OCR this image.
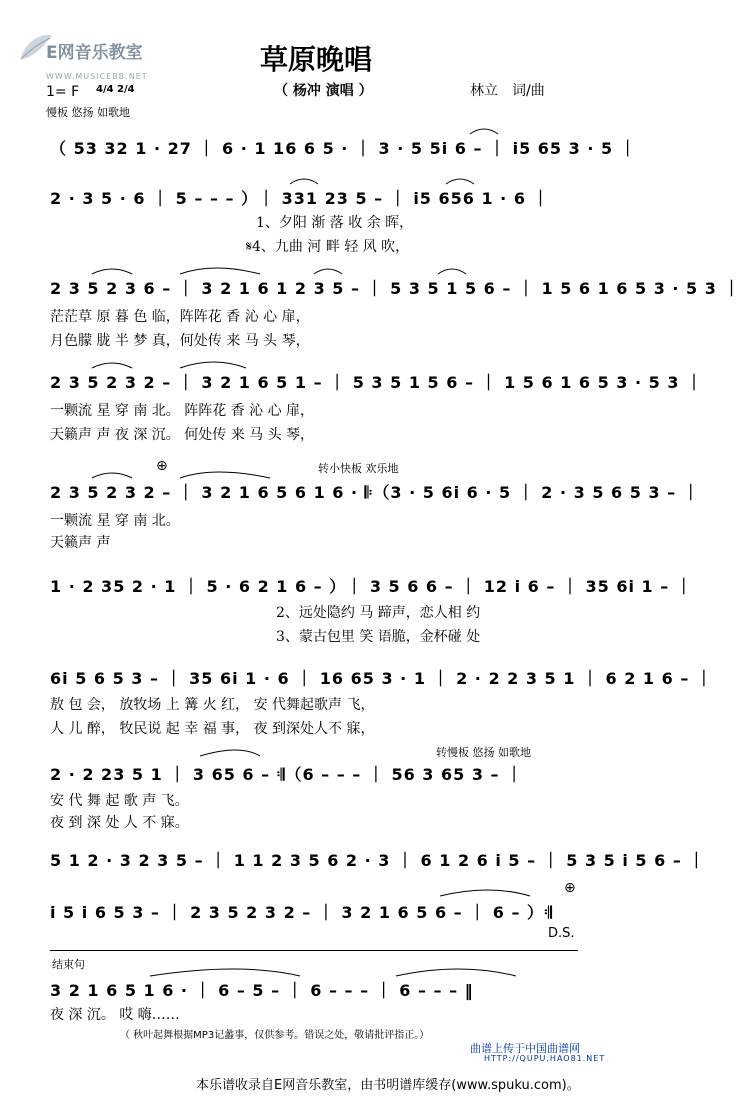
E网音乐教室
WWW.MUSICEBB.NET
草原晚唱
（ 杨冲 演唱 ）	林立　词/曲
1= F 4/4 2/4
慢板 悠扬 如歌地
（ 53 32 1 · 27 ｜ 6 · 1 16 6 5 · ｜ 3 · 5 5i 6 – ｜ i5 65 3 · 5 ｜
2 · 3 5 · 6 ｜ 5 – – – ）｜ 331 23 5 – ｜ i5 656 1 · 6 ｜
1、夕阳 渐 落 收 余 晖，
𝄋4、九曲 河 畔 轻 风 吹，
2 3 5 2 3 6 – ｜ 3 2 1 6 1 2 3 5 – ｜ 5 3 5 1 5 6 – ｜ 1 5 6 1 6 5 3 · 5 3 ｜
茫茫草 原 暮 色 临，阵阵花 香 沁 心 扉，
月色朦 胧 半 梦 真，何处传 来 马 头 琴，
2 3 5 2 3 2 – ｜ 3 2 1 6 5 1 – ｜ 5 3 5 1 5 6 – ｜ 1 5 6 1 6 5 3 · 5 3 ｜
一颗流 星 穿 南 北。 阵阵花 香 沁 心 扉，
天籁声 声 夜 深 沉。 何处传 来 马 头 琴，
转小快板 欢乐地
⊕
2 3 5 2 3 2 – ｜ 3 2 1 6 5 6 1 6 · 𝄆（3 · 5 6i 6 · 5 ｜ 2 · 3 5 6 5 3 – ｜
一颗流 星 穿 南 北。
天籁声 声
1 · 2 35 2 · 1 ｜ 5 · 6 2 1 6 – ）｜ 3 5 6 6 – ｜ 12 i 6 – ｜ 35 6i 1 – ｜
2、远处隐约 马 蹄声，恋人相 约
3、蒙古包里 笑 语脆，金杯碰 处
6i 5 6 5 3 – ｜ 35 6i 1 · 6 ｜ 16 65 3 · 1 ｜ 2 · 2 2 3 5 1 ｜ 6 2 1 6 – ｜
敖 包 会， 放牧场 上 篝 火 红， 安 代舞起歌声 飞，
人 儿 醉， 牧民说 起 幸 福 事， 夜 到深处人不 寐，
转慢板 悠扬 如歌地
2 · 2 23 5 1 ｜ 3 65 6 – 𝄇（6 – – – ｜ 56 3 65 3 – ｜
安 代 舞 起 歌 声 飞。
夜 到 深 处 人 不 寐。
5 1 2 · 3 2 3 5 – ｜ 1 1 2 3 5 6 2 · 3 ｜ 6 1 2 6 i 5 – ｜ 5 3 5 i 5 6 – ｜
⊕
i 5 i 6 5 3 – ｜ 2 3 5 2 3 2 – ｜ 3 2 1 6 5 6 – ｜ 6 – ）𝄇
D.S.
结束句
3 2 1 6 5 1 6 · ｜ 6 – 5 – ｜ 6 – – – ｜ 6 – – – ‖
夜 深 沉。 哎 嗨……
（ 秋叶起舞根据MP3记蠡事，仅供参考。错误之处，敬请批评指正。）
曲谱上传于中国曲谱网
HTTP://QUPU.HAO81.NET
本乐谱收录自E网音乐教室，由书明谱库缓存(www.spuku.com)。
